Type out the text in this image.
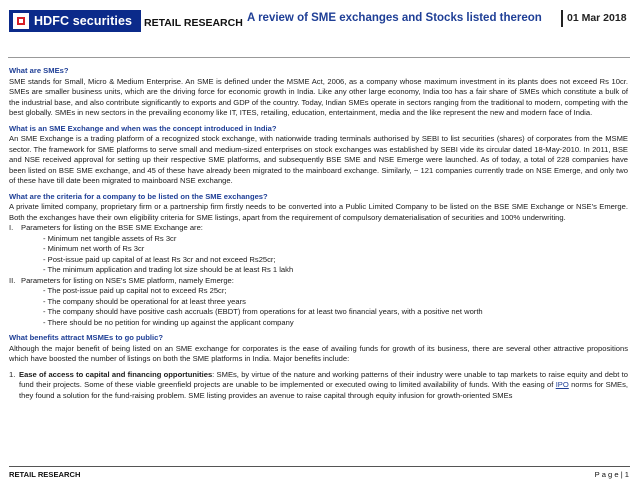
HDFC securities RETAIL RESEARCH A review of SME exchanges and Stocks listed thereon 01 Mar 2018
What are SMEs?
SME stands for Small, Micro & Medium Enterprise. An SME is defined under the MSME Act, 2006, as a company whose maximum investment in its plants does not exceed Rs 10cr. SMEs are smaller business units, which are the driving force for economic growth in India. Like any other large economy, India too has a fair share of SMEs which constitute a bulk of the industrial base, and also contribute significantly to exports and GDP of the country. Today, Indian SMEs operate in sectors ranging from the traditional to modern, competing with the best globally. SMEs in new sectors in the prevailing economy like IT, ITES, retailing, education, entertainment, media and the like represent the new and modern face of India.
What is an SME Exchange and when was the concept introduced in India?
An SME Exchange is a trading platform of a recognized stock exchange, with nationwide trading terminals authorised by SEBI to list securities (shares) of corporates from the MSME sector. The framework for SME platforms to serve small and medium-sized enterprises on stock exchanges was established by SEBI vide its circular dated 18-May-2010. In 2011, BSE and NSE received approval for setting up their respective SME platforms, and subsequently BSE SME and NSE Emerge were launched. As of today, a total of 228 companies have been listed on BSE SME exchange, and 45 of these have already been migrated to the mainboard exchange. Similarly, ~ 121 companies currently trade on NSE Emerge, and only two of these have till date been migrated to mainboard NSE exchange.
What are the criteria for a company to be listed on the SME exchanges?
A private limited company, proprietary firm or a partnership firm firstly needs to be converted into a Public Limited Company to be listed on the BSE SME Exchange or NSE's Emerge. Both the exchanges have their own eligibility criteria for SME listings, apart from the requirement of compulsory dematerialisation of securities and 100% underwriting.
I. Parameters for listing on the BSE SME Exchange are:
- Minimum net tangible assets of Rs 3cr
- Minimum net worth of Rs 3cr
- Post-issue paid up capital of at least Rs 3cr and not exceed Rs25cr;
- The minimum application and trading lot size should be at least Rs 1 lakh
II. Parameters for listing on NSE's SME platform, namely Emerge:
- The post-issue paid up capital not to exceed Rs 25cr;
- The company should be operational for at least three years
- The company should have positive cash accruals (EBDT) from operations for at least two financial years, with a positive net worth
- There should be no petition for winding up against the applicant company
What benefits attract MSMEs to go public?
Although the major benefit of being listed on an SME exchange for corporates is the ease of availing funds for growth of its business, there are several other attractive propositions which have boosted the number of listings on both the SME platforms in India. Major benefits include:
1. Ease of access to capital and financing opportunities: SMEs, by virtue of the nature and working patterns of their industry were unable to tap markets to raise equity and debt to fund their projects. Some of these viable greenfield projects are unable to be implemented or executed owing to limited availability of funds. With the easing of IPO norms for SMEs, they found a solution for the fund-raising problem. SME listing provides an avenue to raise capital through equity infusion for growth-oriented SMEs
RETAIL RESEARCH	P a g e | 1
